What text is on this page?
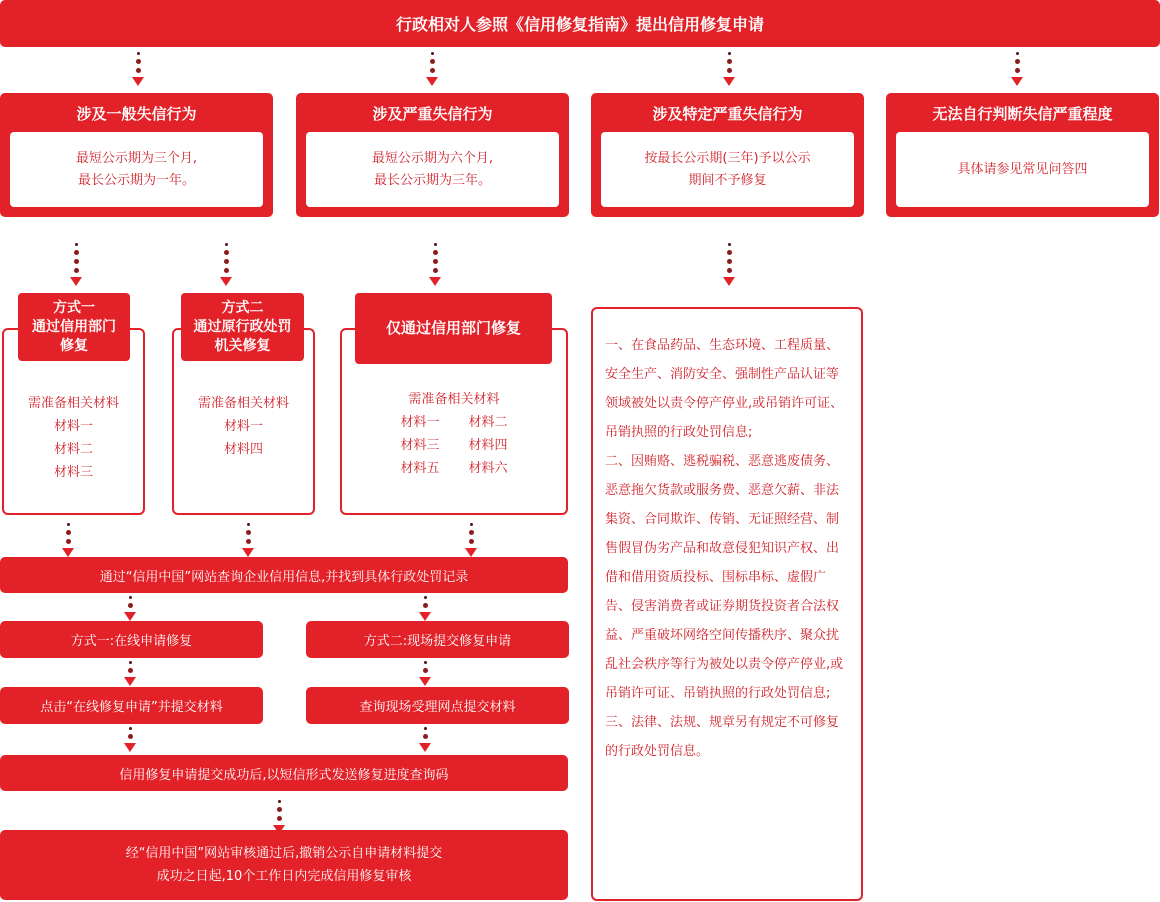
行政相对人参照《信用修复指南》提出信用修复申请
涉及一般失信行为
最短公示期为三个月,
最长公示期为一年。
涉及严重失信行为
最短公示期为六个月,
最长公示期为三年。
涉及特定严重失信行为
按最长公示期(三年)予以公示
期间不予修复
无法自行判断失信严重程度
具体请参见常见问答四
需准备相关材料
材料一
材料二
材料三
方式一
通过信用部门
修复
需准备相关材料
材料一
材料四
方式二
通过原行政处罚
机关修复
需准备相关材料
材料一	材料二
材料三	材料四
材料五	材料六
仅通过信用部门修复

一、在食品药品、生态环境、工程质量、安全生产、消防安全、强制性产品认证等领域被处以责令停产停业,或吊销许可证、吊销执照的行政处罚信息;

二、因贿赂、逃税骗税、恶意逃废债务、恶意拖欠货款或服务费、恶意欠薪、非法集资、合同欺诈、传销、无证照经营、制售假冒伪劣产品和故意侵犯知识产权、出借和借用资质投标、围标串标、虚假广告、侵害消费者或证券期货投资者合法权益、严重破坏网络空间传播秩序、聚众扰乱社会秩序等行为被处以责令停产停业,或吊销许可证、吊销执照的行政处罚信息;

三、法律、法规、规章另有规定不可修复的行政处罚信息。

通过“信用中国”网站查询企业信用信息,并找到具体行政处罚记录
方式一:在线申请修复	方式二:现场提交修复申请
点击“在线修复申请”并提交材料	查询现场受理网点提交材料
信用修复申请提交成功后,以短信形式发送修复进度查询码
经“信用中国”网站审核通过后,撤销公示自申请材料提交
成功之日起,10个工作日内完成信用修复审核
